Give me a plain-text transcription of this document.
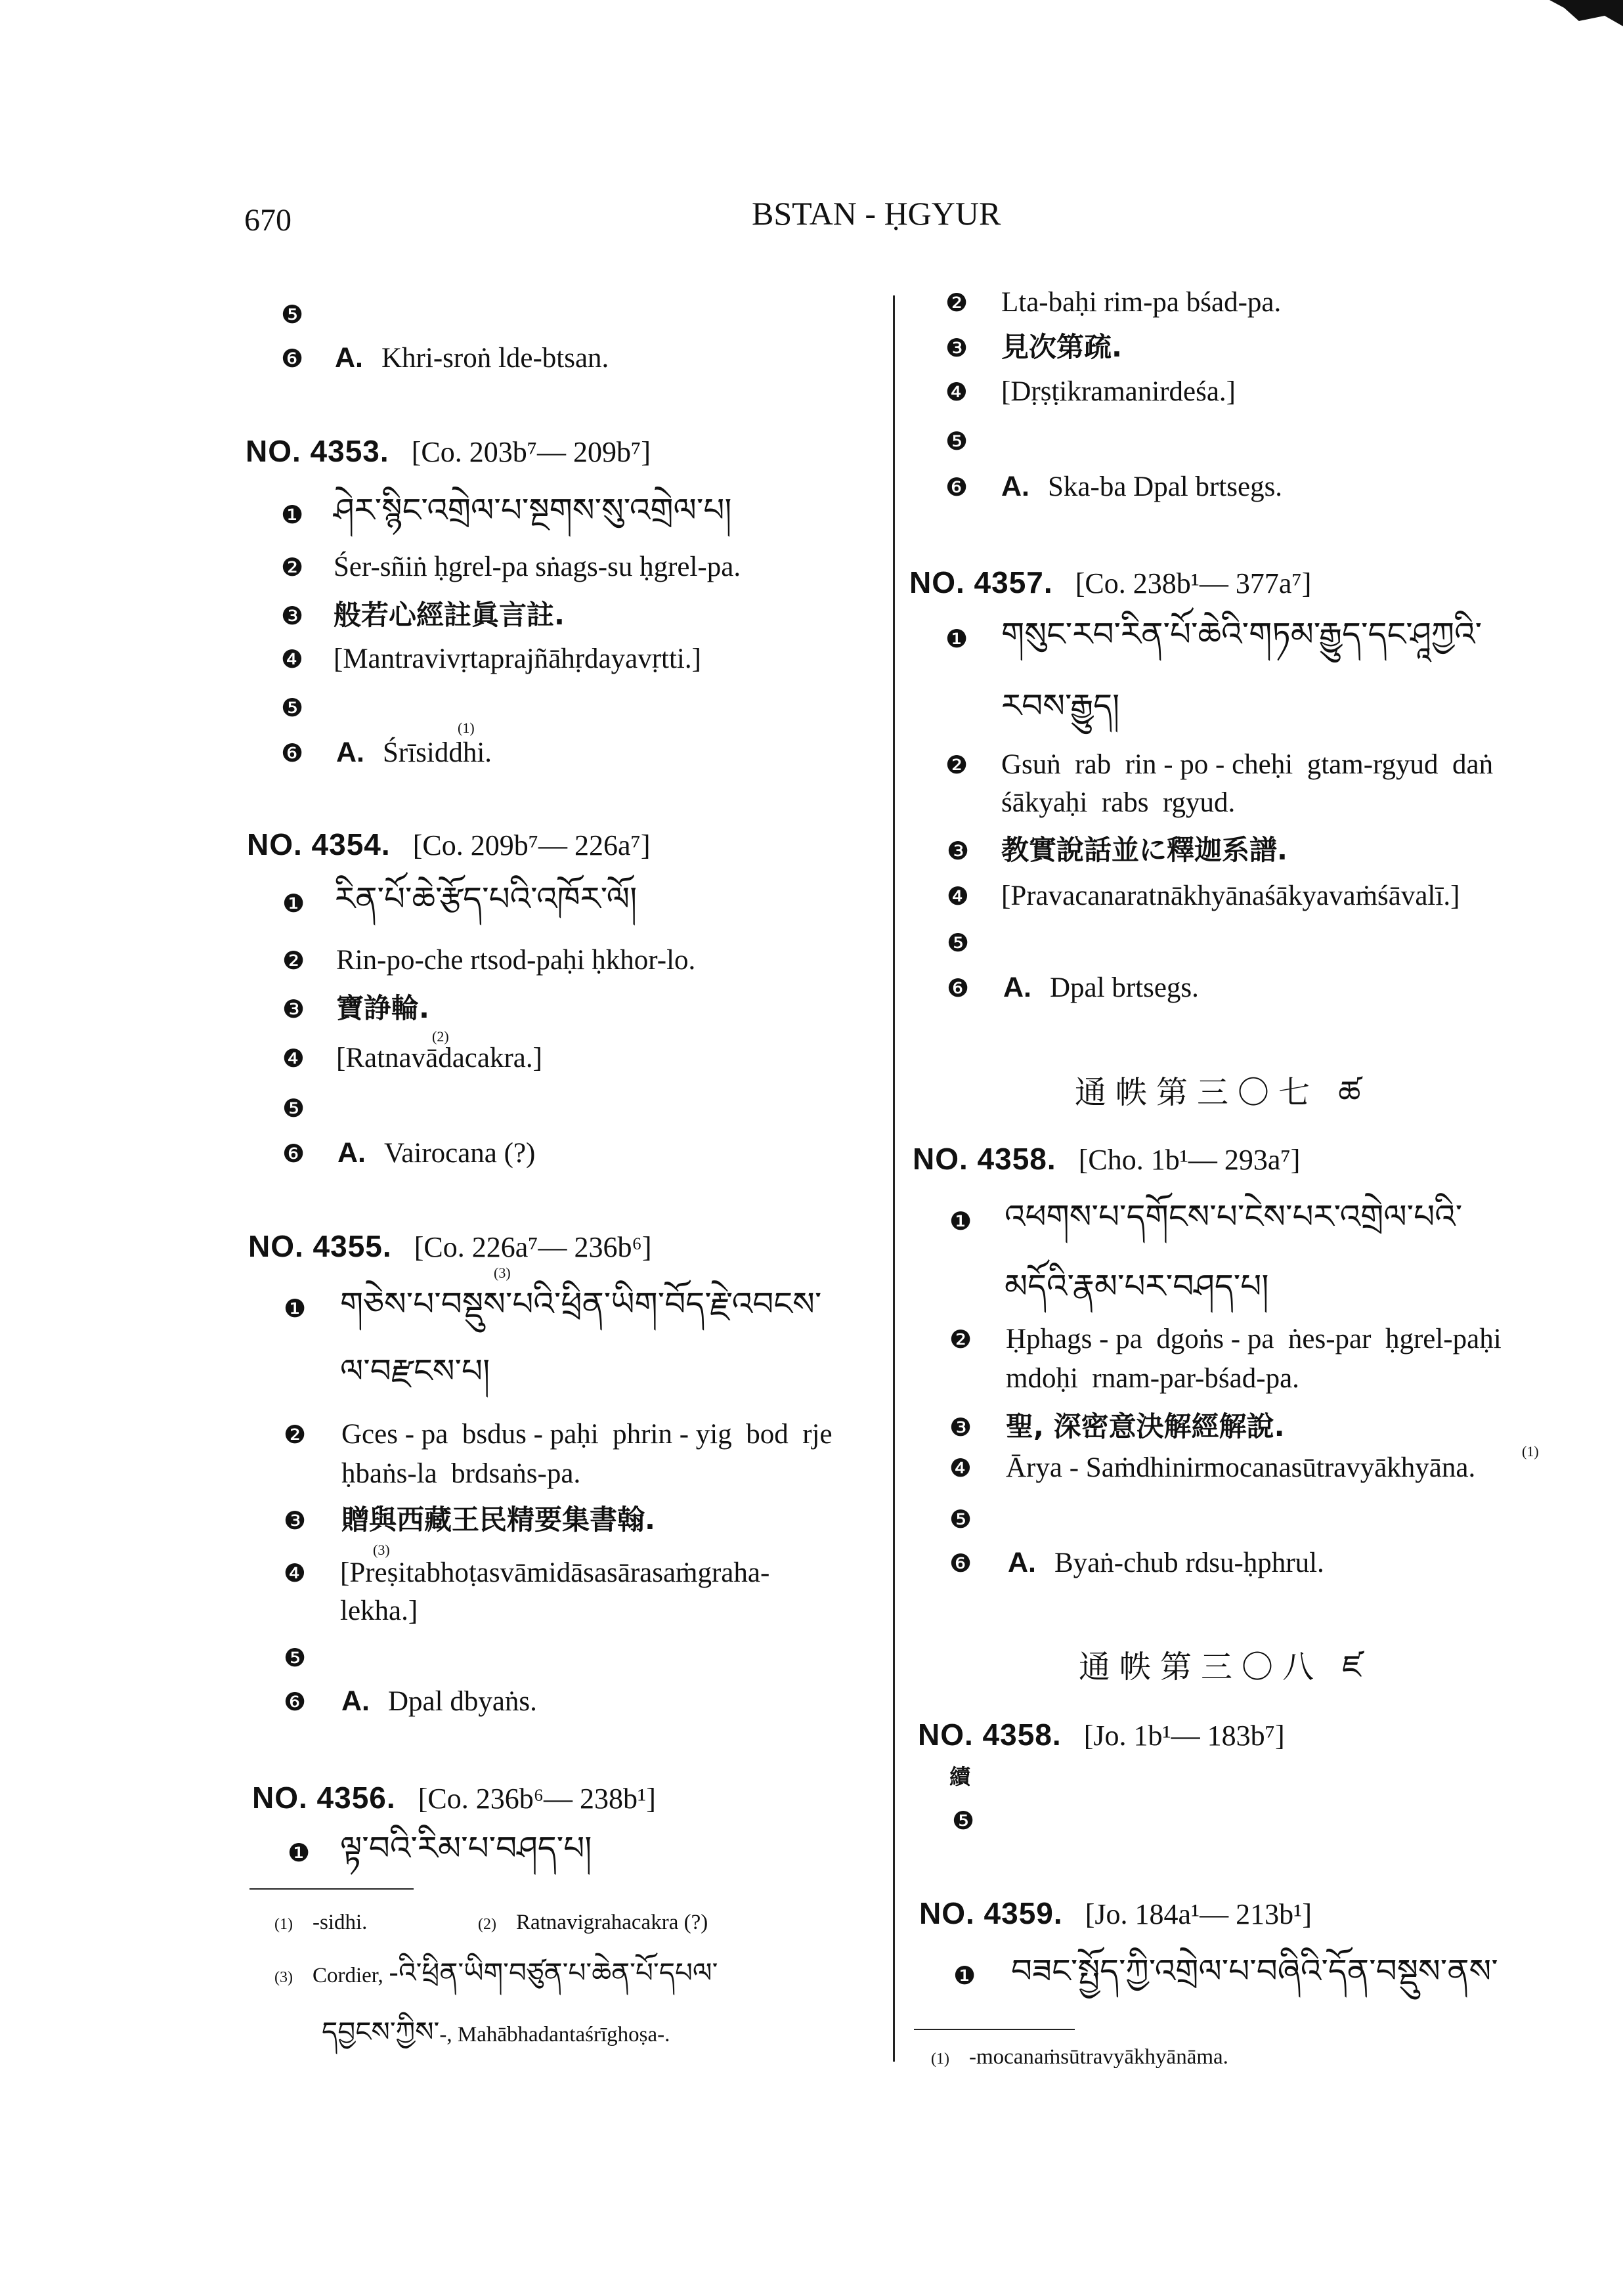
670	BSTAN - ḤGYUR
❺
❻ A. Khri-sroṅ lde-btsan.
NO. 4353. [Co. 203b⁷— 209b⁷]
❶ ཤེར་སྙིང་འགྲེལ་པ་སྔགས་སུ་འགྲེལ་པ།
❷ Śer-sñiṅ ḥgrel-pa sṅags-su ḥgrel-pa.
❸ 般若心經註眞言註.
❹ [Mantravivṛtaprajñāhṛdayavṛtti.]
❺
(1)
❻ A. Śrīsiddhi.
NO. 4354. [Co. 209b⁷— 226a⁷]
❶ རིན་པོ་ཆེ་རྩོད་པའི་འཁོར་ལོ།
❷ Rin-po-che rtsod-paḥi ḥkhor-lo.
❸ 寶諍輪.
(2)
❹ [Ratnavādacakra.]
❺
❻ A. Vairocana (?)
NO. 4355. [Co. 226a⁷— 236b⁶]
(3)
❶ གཅེས་པ་བསྡུས་པའི་ཕྲིན་ཡིག་བོད་རྗེ་འབངས་
ལ་བརྫངས་པ།
❷ Gces - pa  bsdus - paḥi  phrin - yig  bod  rje
ḥbaṅs-la  brdsaṅs-pa.
❸ 贈與西藏王民精要集書翰.
(3)
❹ [Preṣitabhoṭasvāmidāsasārasaṁgraha-
lekha.]
❺
❻ A. Dpal dbyaṅs.
NO. 4356. [Co. 236b⁶— 238b¹]
❶ ལྟ་བའི་རིམ་པ་བཤད་པ།
(1) -sidhi.	(2) Ratnavigrahacakra (?)
(3) Cordier, -འི་ཕྲིན་ཡིག་བཙུན་པ་ཆེན་པོ་དཔལ་
དབྱངས་ཀྱིས་-, Mahābhadantaśrīghoṣa-.
❷ Lta-baḥi rim-pa bśad-pa.
❸ 見次第疏.
❹ [Dṛṣṭikramanirdeśa.]
❺
❻ A. Ska-ba Dpal brtsegs.
NO. 4357. [Co. 238b¹— 377a⁷]
❶ གསུང་རབ་རིན་པོ་ཆེའི་གཏམ་རྒྱུད་དང་ཤཱཀྱའི་
རབས་རྒྱུད།
❷ Gsuṅ  rab  rin - po - cheḥi  gtam-rgyud  daṅ
śākyaḥi  rabs  rgyud.
❸ 教實說話並に釋迦系譜.
❹ [Pravacanaratnākhyānaśākyavaṁśāvalī.]
❺
❻ A. Dpal brtsegs.
通帙第三〇七 ཚ
NO. 4358. [Cho. 1b¹— 293a⁷]
❶ འཕགས་པ་དགོངས་པ་ངེས་པར་འགྲེལ་པའི་
མདོའི་རྣམ་པར་བཤད་པ།
❷ Ḥphags - pa  dgoṅs - pa  ṅes-par  ḥgrel-paḥi
mdoḥi  rnam-par-bśad-pa.
❸ 聖, 深密意決解經解說.
(1)
❹ Ārya - Saṁdhinirmocanasūtravyākhyāna.
❺
❻ A. Byaṅ-chub rdsu-ḥphrul.
通帙第三〇八 ཛ
NO. 4358. [Jo. 1b¹— 183b⁷]
續
❺
NO. 4359. [Jo. 184a¹— 213b¹]
❶ བཟང་སྤྱོད་ཀྱི་འགྲེལ་པ་བཞིའི་དོན་བསྡུས་ནས་
(1) -mocanaṁsūtravyākhyānāma.
